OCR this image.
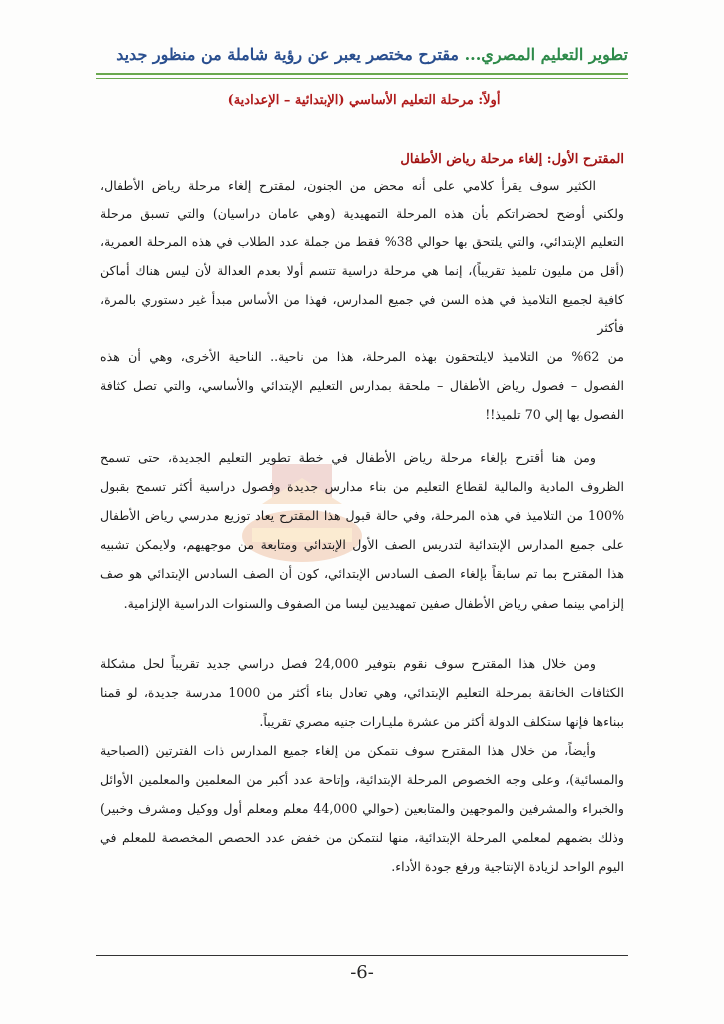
تطوير التعليم المصري... مقترح مختصر يعبر عن رؤية شاملة من منظور جديد
أولاً: مرحلة التعليم الأساسي (الإبتدائية – الإعدادية)
المقترح الأول: إلغاء مرحلة رياض الأطفال
الكثير سوف يقرأ كلامي على أنه محض من الجنون، لمقترح إلغاء مرحلة رياض الأطفال،
ولكني أوضح لحضراتكم بأن هذه المرحلة التمهيدية (وهي عامان دراسيان) والتي تسبق مرحلة
التعليم الإبتدائي، والتي يلتحق بها حوالي 38% فقط من جملة عدد الطلاب في هذه المرحلة العمرية،
(أقل من مليون تلميذ تقريباً)، إنما هي مرحلة دراسية تتسم أولا بعدم العدالة لأن ليس هناك أماكن
كافية لجميع التلاميذ في هذه السن في جميع المدارس، فهذا من الأساس مبدأ غير دستوري بالمرة،
فأكثر
من 62% من التلاميذ لايلتحقون بهذه المرحلة، هذا من ناحية.. الناحية الأخرى، وهي أن هذه
الفصول – فصول رياض الأطفال – ملحقة بمدارس التعليم الإبتدائي والأساسي، والتي تصل كثافة
الفصول بها إلي 70 تلميذ!!
ومن هنا أقترح بإلغاء مرحلة رياض الأطفال في خطة تطوير التعليم الجديدة، حتى تسمح
الظروف المادية والمالية لقطاع التعليم من بناء مدارس جديدة وفصول دراسية أكثر تسمح بقبول
100% من التلاميذ في هذه المرحلة، وفي حالة قبول هذا المقترح يعاد توزيع مدرسي رياض الأطفال
على جميع المدارس الإبتدائية لتدريس الصف الأول الإبتدائي ومتابعة من موجهيهم، ولايمكن تشبيه
هذا المقترح بما تم سابقاً بإلغاء الصف السادس الإبتدائي، كون أن الصف السادس الإبتدائي هو صف
إلزامي بينما صفي رياض الأطفال صفين تمهيديين ليسا من الصفوف والسنوات الدراسية الإلزامية.
ومن خلال هذا المقترح سوف نقوم بتوفير 24,000 فصل دراسي جديد تقريباً لحل مشكلة
الكثافات الخانقة بمرحلة التعليم الإبتدائي، وهي تعادل بناء أكثر من 1000 مدرسة جديدة، لو قمنا
ببناءها فإنها ستكلف الدولة أكثر من عشرة مليـارات جنيه مصري تقريباً.
وأيضاً، من خلال هذا المقترح سوف نتمكن من إلغاء جميع المدارس ذات الفترتين (الصباحية
والمسائية)، وعلى وجه الخصوص المرحلة الإبتدائية، وإتاحة عدد أكبر من المعلمين والمعلمين الأوائل
والخبراء والمشرفين والموجهين والمتابعين (حوالي 44,000 معلم ومعلم أول ووكيل ومشرف وخبير)
وذلك بضمهم لمعلمي المرحلة الإبتدائية، منها لنتمكن من خفض عدد الحصص المخصصة للمعلم في
اليوم الواحد لزيادة الإنتاجية ورفع جودة الأداء.
-6-
